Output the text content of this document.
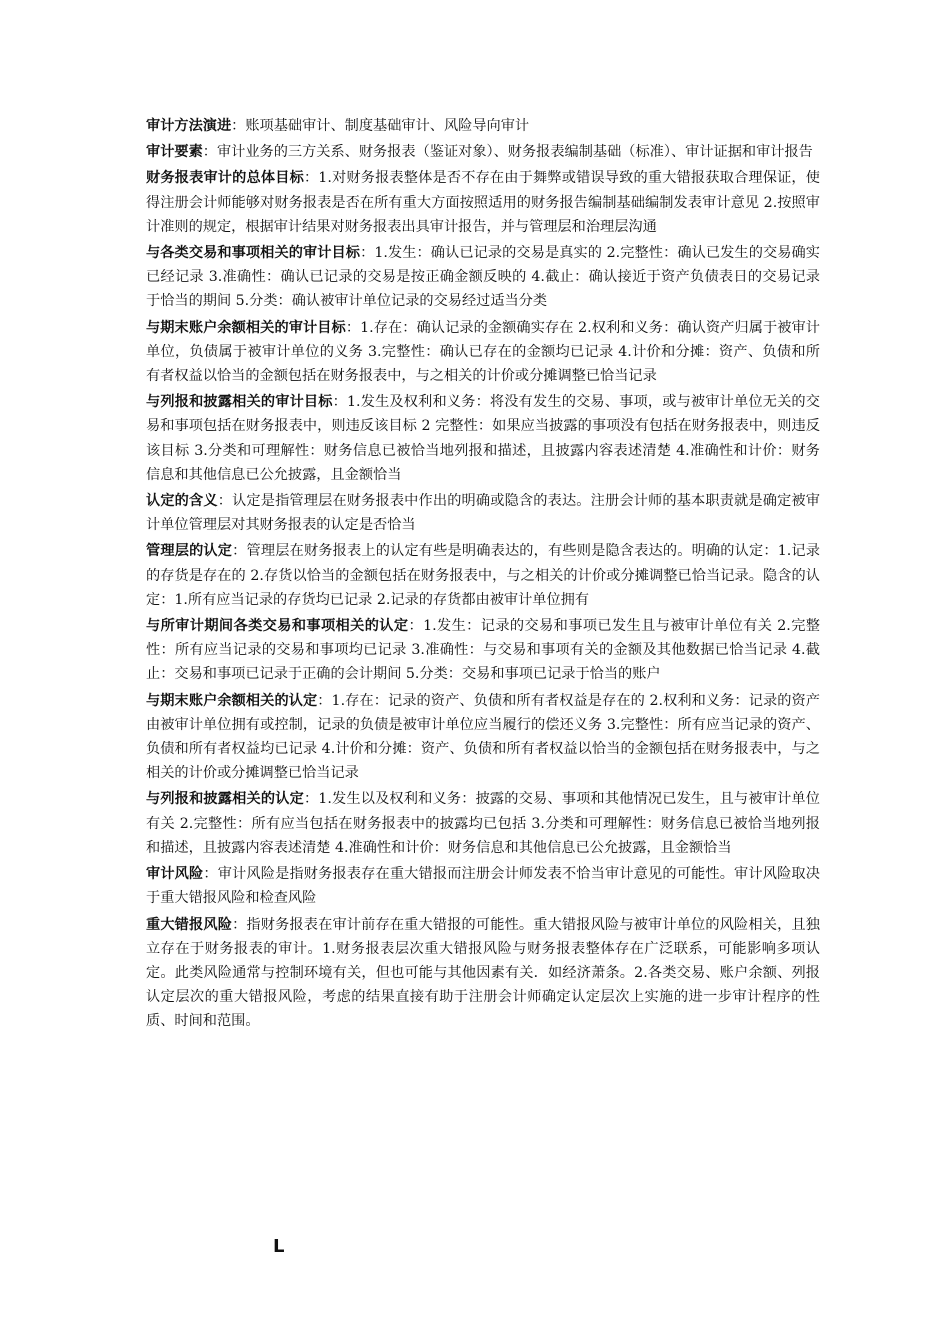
审计方法演进：账项基础审计、制度基础审计、风险导向审计

审计要素：审计业务的三方关系、财务报表（鉴证对象）、财务报表编制基础（标准）、审计证据和审计报告

财务报表审计的总体目标：1.对财务报表整体是否不存在由于舞弊或错误导致的重大错报获取合理保证，使得注册会计师能够对财务报表是否在所有重大方面按照适用的财务报告编制基础编制发表审计意见 2.按照审计准则的规定，根据审计结果对财务报表出具审计报告，并与管理层和治理层沟通

与各类交易和事项相关的审计目标：1.发生：确认已记录的交易是真实的 2.完整性：确认已发生的交易确实已经记录 3.准确性：确认已记录的交易是按正确金额反映的 4.截止：确认接近于资产负债表日的交易记录于恰当的期间 5.分类：确认被审计单位记录的交易经过适当分类

与期末账户余额相关的审计目标：1.存在：确认记录的金额确实存在 2.权利和义务：确认资产归属于被审计单位，负债属于被审计单位的义务 3.完整性：确认已存在的金额均已记录 4.计价和分摊：资产、负债和所有者权益以恰当的金额包括在财务报表中，与之相关的计价或分摊调整已恰当记录

与列报和披露相关的审计目标：1.发生及权利和义务：将没有发生的交易、事项，或与被审计单位无关的交易和事项包括在财务报表中，则违反该目标 2 完整性：如果应当披露的事项没有包括在财务报表中，则违反该目标 3.分类和可理解性：财务信息已被恰当地列报和描述，且披露内容表述清楚 4.准确性和计价：财务信息和其他信息已公允披露，且金额恰当

认定的含义：认定是指管理层在财务报表中作出的明确或隐含的表达。注册会计师的基本职责就是确定被审计单位管理层对其财务报表的认定是否恰当

管理层的认定：管理层在财务报表上的认定有些是明确表达的，有些则是隐含表达的。明确的认定：1.记录的存货是存在的 2.存货以恰当的金额包括在财务报表中，与之相关的计价或分摊调整已恰当记录。隐含的认定：1.所有应当记录的存货均已记录 2.记录的存货都由被审计单位拥有

与所审计期间各类交易和事项相关的认定：1.发生：记录的交易和事项已发生且与被审计单位有关 2.完整性：所有应当记录的交易和事项均已记录 3.准确性：与交易和事项有关的金额及其他数据已恰当记录 4.截止：交易和事项已记录于正确的会计期间 5.分类：交易和事项已记录于恰当的账户

与期末账户余额相关的认定：1.存在：记录的资产、负债和所有者权益是存在的 2.权利和义务：记录的资产由被审计单位拥有或控制，记录的负债是被审计单位应当履行的偿还义务 3.完整性：所有应当记录的资产、负债和所有者权益均已记录 4.计价和分摊：资产、负债和所有者权益以恰当的金额包括在财务报表中，与之相关的计价或分摊调整已恰当记录

与列报和披露相关的认定：1.发生以及权利和义务：披露的交易、事项和其他情况已发生，且与被审计单位有关 2.完整性：所有应当包括在财务报表中的披露均已包括 3.分类和可理解性：财务信息已被恰当地列报和描述，且披露内容表述清楚 4.准确性和计价：财务信息和其他信息已公允披露，且金额恰当

审计风险：审计风险是指财务报表存在重大错报而注册会计师发表不恰当审计意见的可能性。审计风险取决于重大错报风险和检查风险

重大错报风险：指财务报表在审计前存在重大错报的可能性。重大错报风险与被审计单位的风险相关，且独立存在于财务报表的审计。1.财务报表层次重大错报风险与财务报表整体存在广泛联系，可能影响多项认定。此类风险通常与控制环境有关，但也可能与其他因素有关．如经济萧条。2.各类交易、账户余额、列报认定层次的重大错报风险，考虑的结果直接有助于注册会计师确定认定层次上实施的进一步审计程序的性质、时间和范围。

L
